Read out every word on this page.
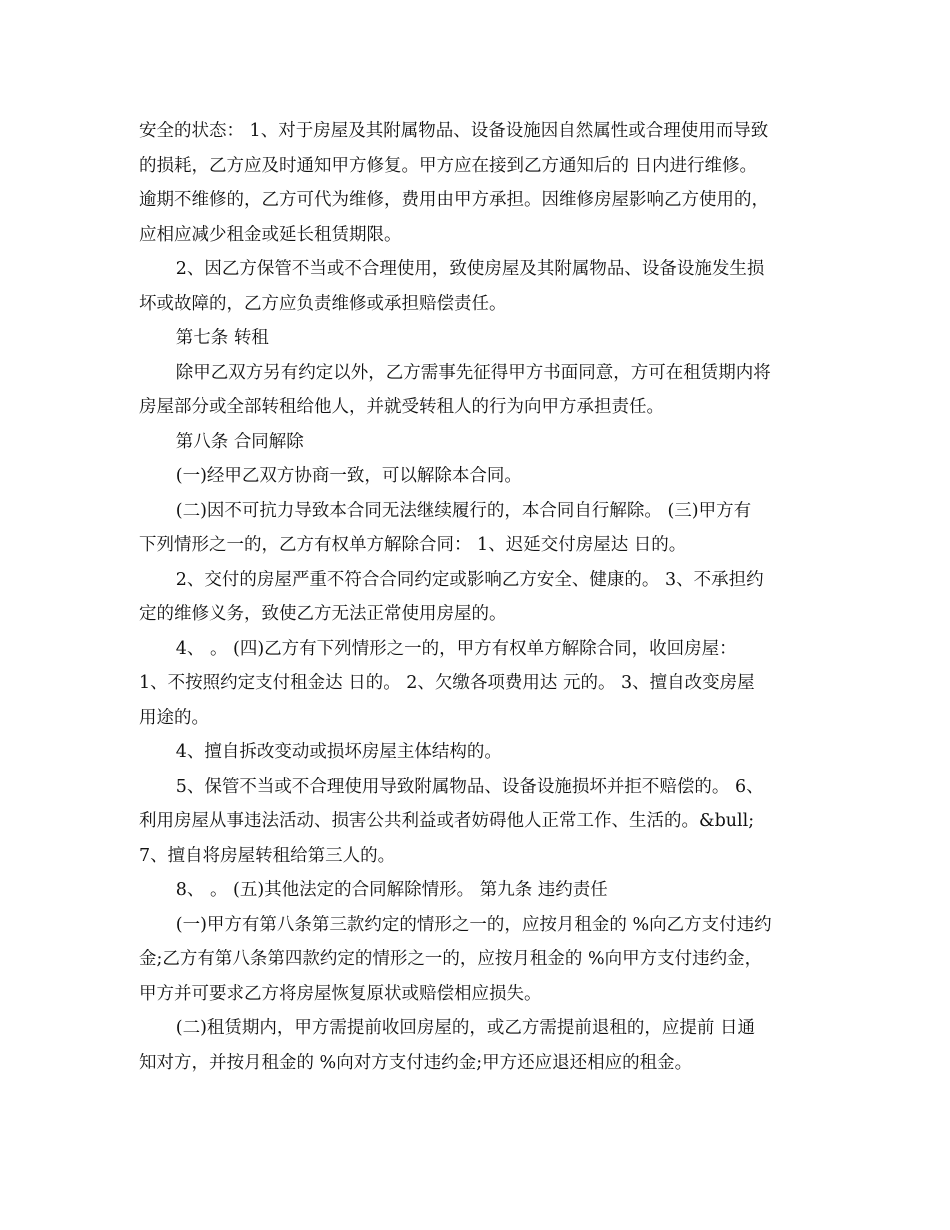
安全的状态： 1、对于房屋及其附属物品、设备设施因自然属性或合理使用而导致

的损耗，乙方应及时通知甲方修复。甲方应在接到乙方通知后的 日内进行维修。

逾期不维修的，乙方可代为维修，费用由甲方承担。因维修房屋影响乙方使用的，

应相应减少租金或延长租赁期限。

2、因乙方保管不当或不合理使用，致使房屋及其附属物品、设备设施发生损

坏或故障的，乙方应负责维修或承担赔偿责任。

第七条 转租

除甲乙双方另有约定以外，乙方需事先征得甲方书面同意，方可在租赁期内将

房屋部分或全部转租给他人，并就受转租人的行为向甲方承担责任。

第八条 合同解除

(一)经甲乙双方协商一致，可以解除本合同。

(二)因不可抗力导致本合同无法继续履行的，本合同自行解除。 (三)甲方有

下列情形之一的，乙方有权单方解除合同： 1、迟延交付房屋达 日的。

2、交付的房屋严重不符合合同约定或影响乙方安全、健康的。 3、不承担约

定的维修义务，致使乙方无法正常使用房屋的。

4、 。 (四)乙方有下列情形之一的，甲方有权单方解除合同，收回房屋：

1、不按照约定支付租金达 日的。 2、欠缴各项费用达 元的。 3、擅自改变房屋

用途的。

4、擅自拆改变动或损坏房屋主体结构的。

5、保管不当或不合理使用导致附属物品、设备设施损坏并拒不赔偿的。 6、

利用房屋从事违法活动、损害公共利益或者妨碍他人正常工作、生活的。&bull;

7、擅自将房屋转租给第三人的。

8、 。 (五)其他法定的合同解除情形。 第九条 违约责任

(一)甲方有第八条第三款约定的情形之一的，应按月租金的 %向乙方支付违约

金;乙方有第八条第四款约定的情形之一的，应按月租金的 %向甲方支付违约金，

甲方并可要求乙方将房屋恢复原状或赔偿相应损失。

(二)租赁期内，甲方需提前收回房屋的，或乙方需提前退租的，应提前 日通

知对方，并按月租金的 %向对方支付违约金;甲方还应退还相应的租金。
